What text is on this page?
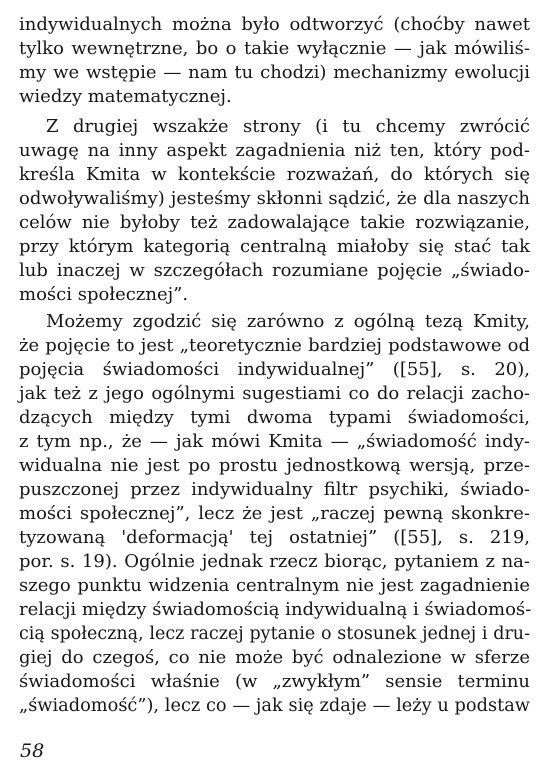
indywidualnych można było odtworzyć (choćby nawet
tylko wewnętrzne, bo o takie wyłącznie — jak mówiliś-
my we wstępie — nam tu chodzi) mechanizmy ewolucji
wiedzy matematycznej.
Z drugiej wszakże strony (i tu chcemy zwrócić
uwagę na inny aspekt zagadnienia niż ten, który pod-
kreśla Kmita w kontekście rozważań, do których się
odwoływaliśmy) jesteśmy skłonni sądzić, że dla naszych
celów nie byłoby też zadowalające takie rozwiązanie,
przy którym kategorią centralną miałoby się stać tak
lub inaczej w szczegółach rozumiane pojęcie „świado-
mości społecznej”.
Możemy zgodzić się zarówno z ogólną tezą Kmity,
że pojęcie to jest „teoretycznie bardziej podstawowe od
pojęcia świadomości indywidualnej” ([55], s. 20),
jak też z jego ogólnymi sugestiami co do relacji zacho-
dzących między tymi dwoma typami świadomości,
z tym np., że — jak mówi Kmita — „świadomość indy-
widualna nie jest po prostu jednostkową wersją, prze-
puszczonej przez indywidualny filtr psychiki, świado-
mości społecznej”, lecz że jest „raczej pewną skonkre-
tyzowaną 'deformacją' tej ostatniej” ([55], s. 219,
por. s. 19). Ogólnie jednak rzecz biorąc, pytaniem z na-
szego punktu widzenia centralnym nie jest zagadnienie
relacji między świadomością indywidualną i świadomoś-
cią społeczną, lecz raczej pytanie o stosunek jednej i dru-
giej do czegoś, co nie może być odnalezione w sferze
świadomości właśnie (w „zwykłym” sensie terminu
„świadomość”), lecz co — jak się zdaje — leży u podstaw
58
